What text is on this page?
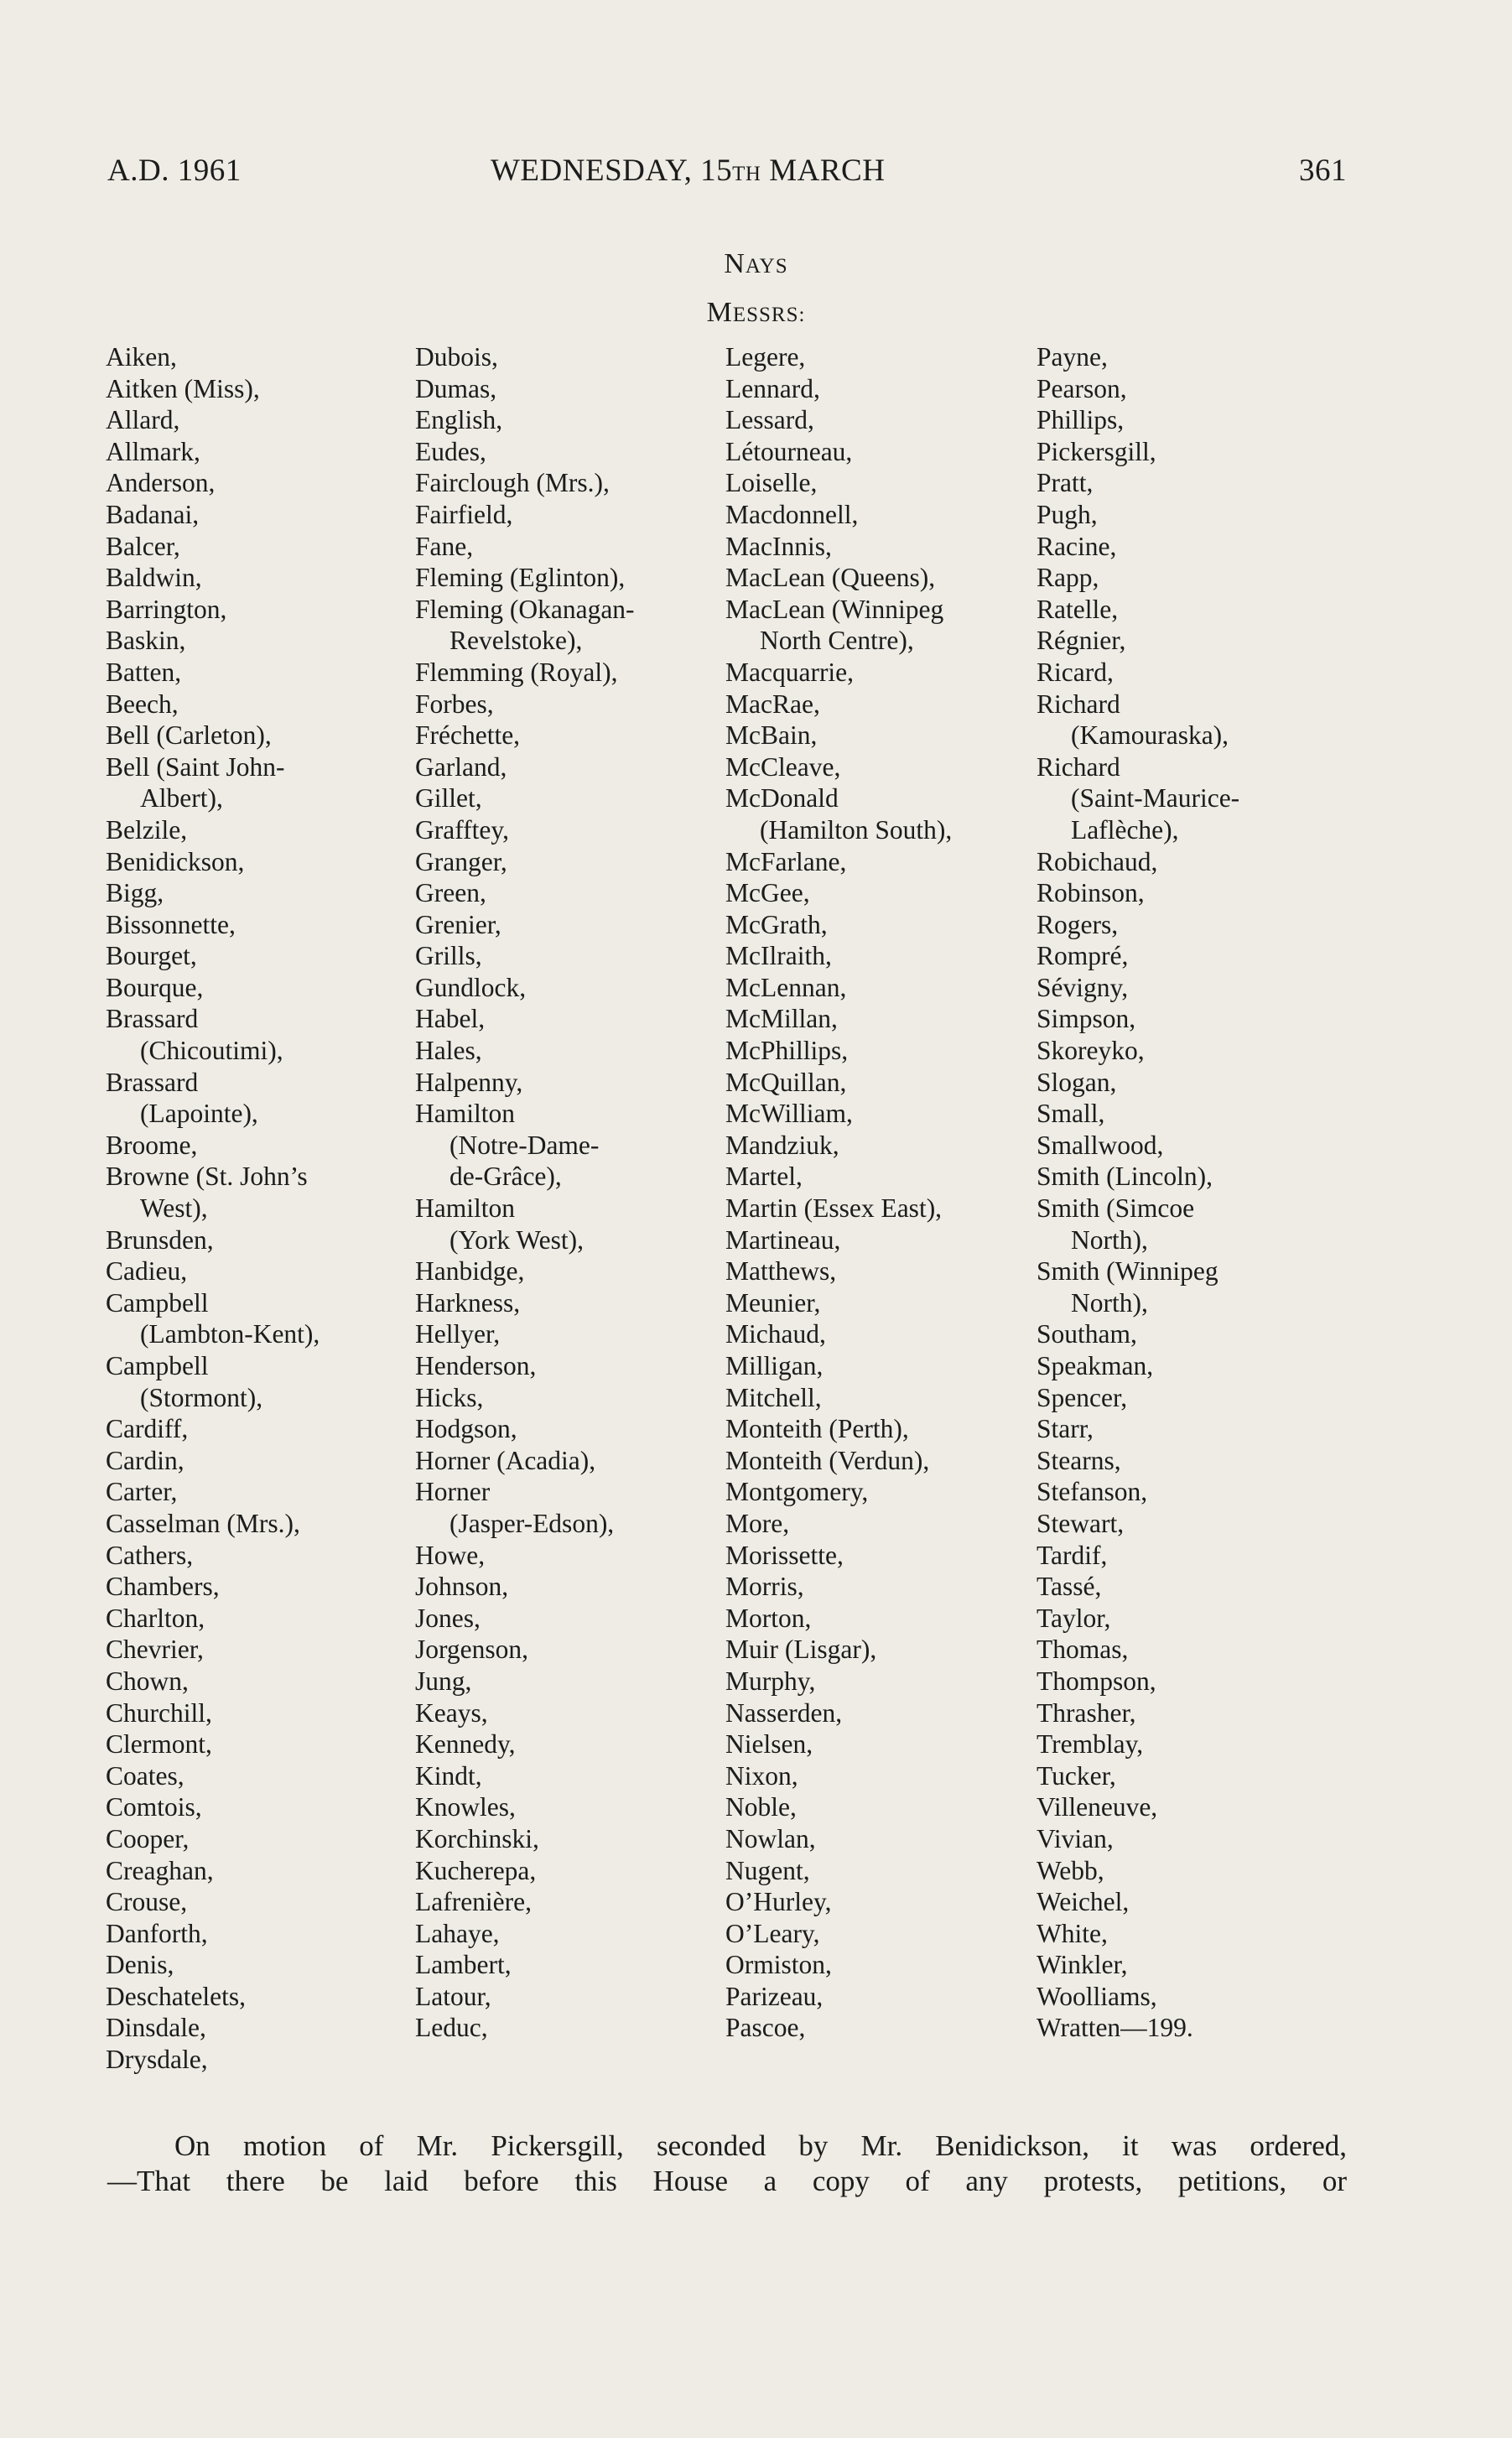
A.D. 1961	WEDNESDAY, 15TH MARCH	361
NAYS
MESSRS:
Aiken,
Aitken (Miss),
Allard,
Allmark,
Anderson,
Badanai,
Balcer,
Baldwin,
Barrington,
Baskin,
Batten,
Beech,
Bell (Carleton),
Bell (Saint John-
Albert),
Belzile,
Benidickson,
Bigg,
Bissonnette,
Bourget,
Bourque,
Brassard
(Chicoutimi),
Brassard
(Lapointe),
Broome,
Browne (St. John’s
West),
Brunsden,
Cadieu,
Campbell
(Lambton-Kent),
Campbell
(Stormont),
Cardiff,
Cardin,
Carter,
Casselman (Mrs.),
Cathers,
Chambers,
Charlton,
Chevrier,
Chown,
Churchill,
Clermont,
Coates,
Comtois,
Cooper,
Creaghan,
Crouse,
Danforth,
Denis,
Deschatelets,
Dinsdale,
Drysdale,
Dubois,
Dumas,
English,
Eudes,
Fairclough (Mrs.),
Fairfield,
Fane,
Fleming (Eglinton),
Fleming (Okanagan-
Revelstoke),
Flemming (Royal),
Forbes,
Fréchette,
Garland,
Gillet,
Grafftey,
Granger,
Green,
Grenier,
Grills,
Gundlock,
Habel,
Hales,
Halpenny,
Hamilton
(Notre-Dame-
de-Grâce),
Hamilton
(York West),
Hanbidge,
Harkness,
Hellyer,
Henderson,
Hicks,
Hodgson,
Horner (Acadia),
Horner
(Jasper-Edson),
Howe,
Johnson,
Jones,
Jorgenson,
Jung,
Keays,
Kennedy,
Kindt,
Knowles,
Korchinski,
Kucherepa,
Lafrenière,
Lahaye,
Lambert,
Latour,
Leduc,
Legere,
Lennard,
Lessard,
Létourneau,
Loiselle,
Macdonnell,
MacInnis,
MacLean (Queens),
MacLean (Winnipeg
North Centre),
Macquarrie,
MacRae,
McBain,
McCleave,
McDonald
(Hamilton South),
McFarlane,
McGee,
McGrath,
McIlraith,
McLennan,
McMillan,
McPhillips,
McQuillan,
McWilliam,
Mandziuk,
Martel,
Martin (Essex East),
Martineau,
Matthews,
Meunier,
Michaud,
Milligan,
Mitchell,
Monteith (Perth),
Monteith (Verdun),
Montgomery,
More,
Morissette,
Morris,
Morton,
Muir (Lisgar),
Murphy,
Nasserden,
Nielsen,
Nixon,
Noble,
Nowlan,
Nugent,
O’Hurley,
O’Leary,
Ormiston,
Parizeau,
Pascoe,
Payne,
Pearson,
Phillips,
Pickersgill,
Pratt,
Pugh,
Racine,
Rapp,
Ratelle,
Régnier,
Ricard,
Richard
(Kamouraska),
Richard
(Saint-Maurice-
Laflèche),
Robichaud,
Robinson,
Rogers,
Rompré,
Sévigny,
Simpson,
Skoreyko,
Slogan,
Small,
Smallwood,
Smith (Lincoln),
Smith (Simcoe
North),
Smith (Winnipeg
North),
Southam,
Speakman,
Spencer,
Starr,
Stearns,
Stefanson,
Stewart,
Tardif,
Tassé,
Taylor,
Thomas,
Thompson,
Thrasher,
Tremblay,
Tucker,
Villeneuve,
Vivian,
Webb,
Weichel,
White,
Winkler,
Woolliams,
Wratten—199.
On motion of Mr. Pickersgill, seconded by Mr. Benidickson, it was ordered,
—That there be laid before this House a copy of any protests, petitions, or
